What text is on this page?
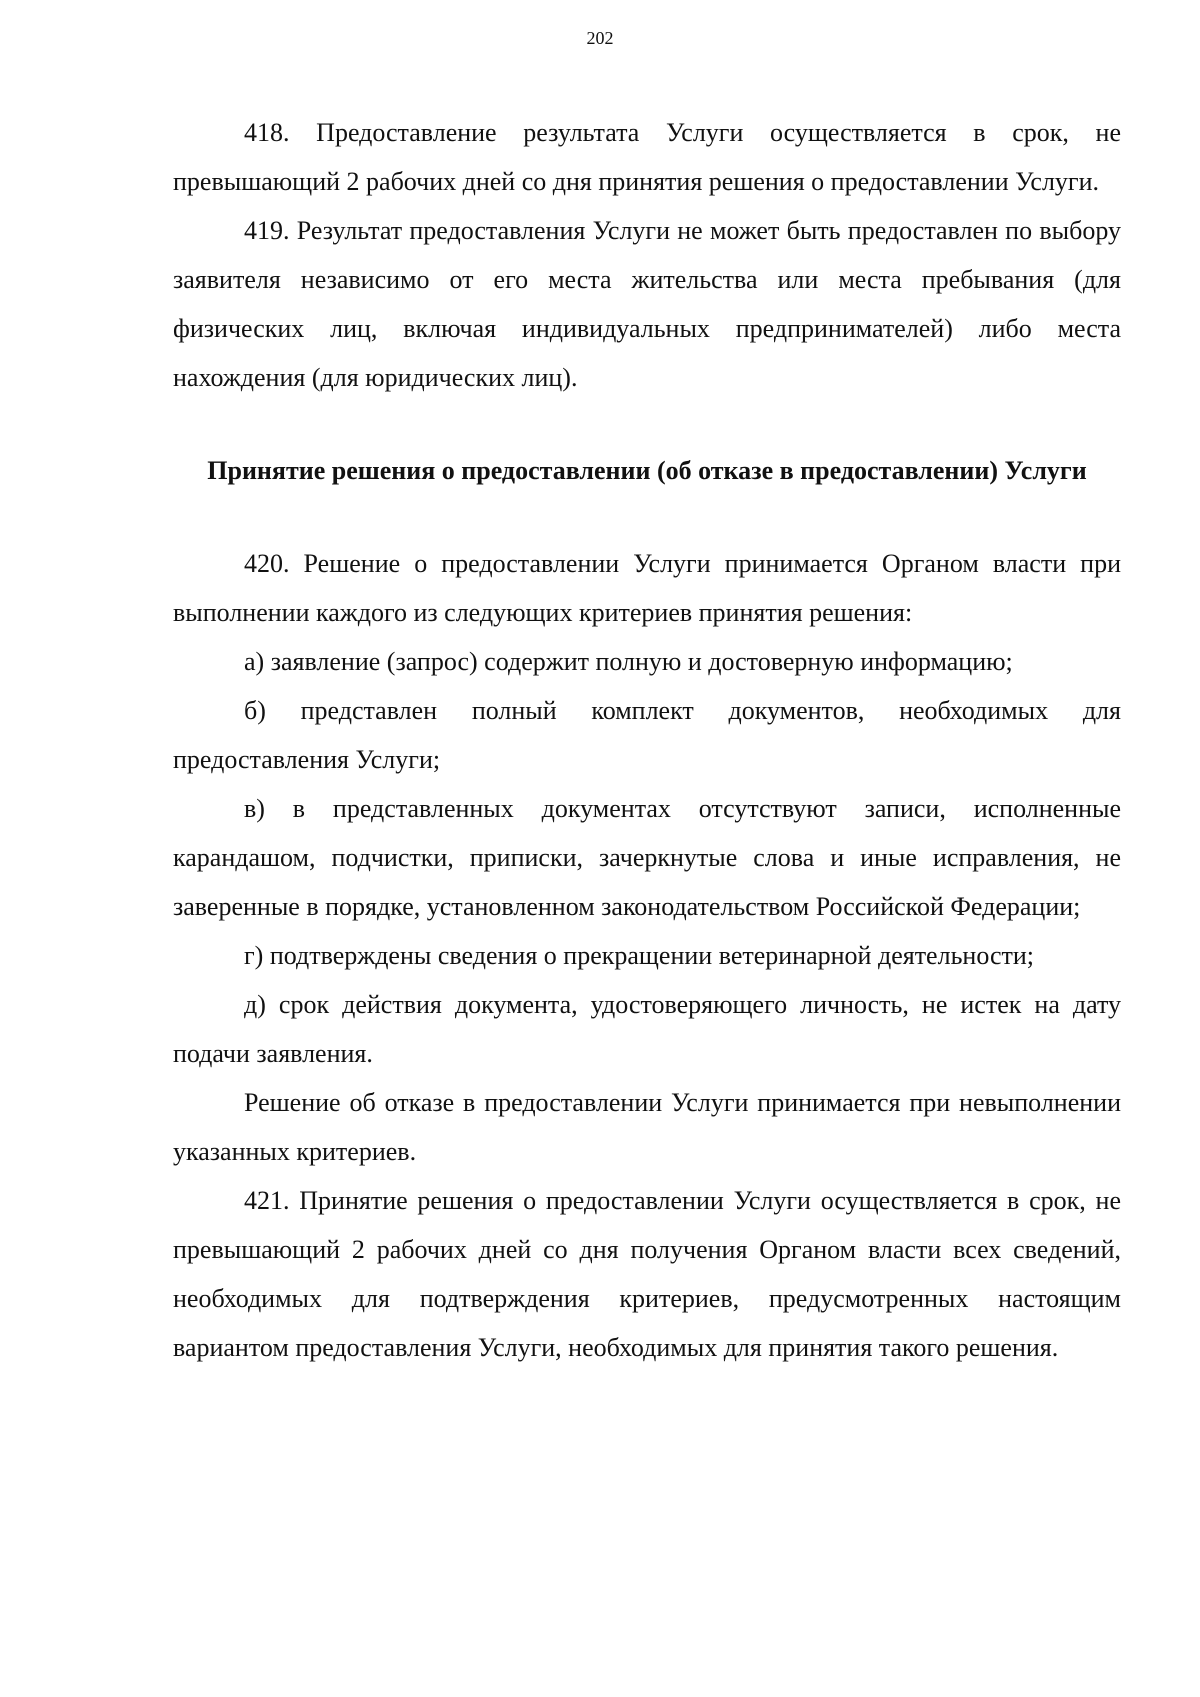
202

418. Предоставление результата Услуги осуществляется в срок, не превышающий 2 рабочих дней со дня принятия решения о предоставлении Услуги.

419. Результат предоставления Услуги не может быть предоставлен по выбору заявителя независимо от его места жительства или места пребывания (для физических лиц, включая индивидуальных предпринимателей) либо места нахождения (для юридических лиц).

Принятие решения о предоставлении (об отказе в предоставлении) Услуги

420. Решение о предоставлении Услуги принимается Органом власти при выполнении каждого из следующих критериев принятия решения:

а) заявление (запрос) содержит полную и достоверную информацию;

б) представлен полный комплект документов, необходимых для предоставления Услуги;

в) в представленных документах отсутствуют записи, исполненные карандашом, подчистки, приписки, зачеркнутые слова и иные исправления, не заверенные в порядке, установленном законодательством Российской Федерации;

г) подтверждены сведения о прекращении ветеринарной деятельности;

д) срок действия документа, удостоверяющего личность, не истек на дату подачи заявления.

Решение об отказе в предоставлении Услуги принимается при невыполнении указанных критериев.

421. Принятие решения о предоставлении Услуги осуществляется в срок, не превышающий 2 рабочих дней со дня получения Органом власти всех сведений, необходимых для подтверждения критериев, предусмотренных настоящим вариантом предоставления Услуги, необходимых для принятия такого решения.
